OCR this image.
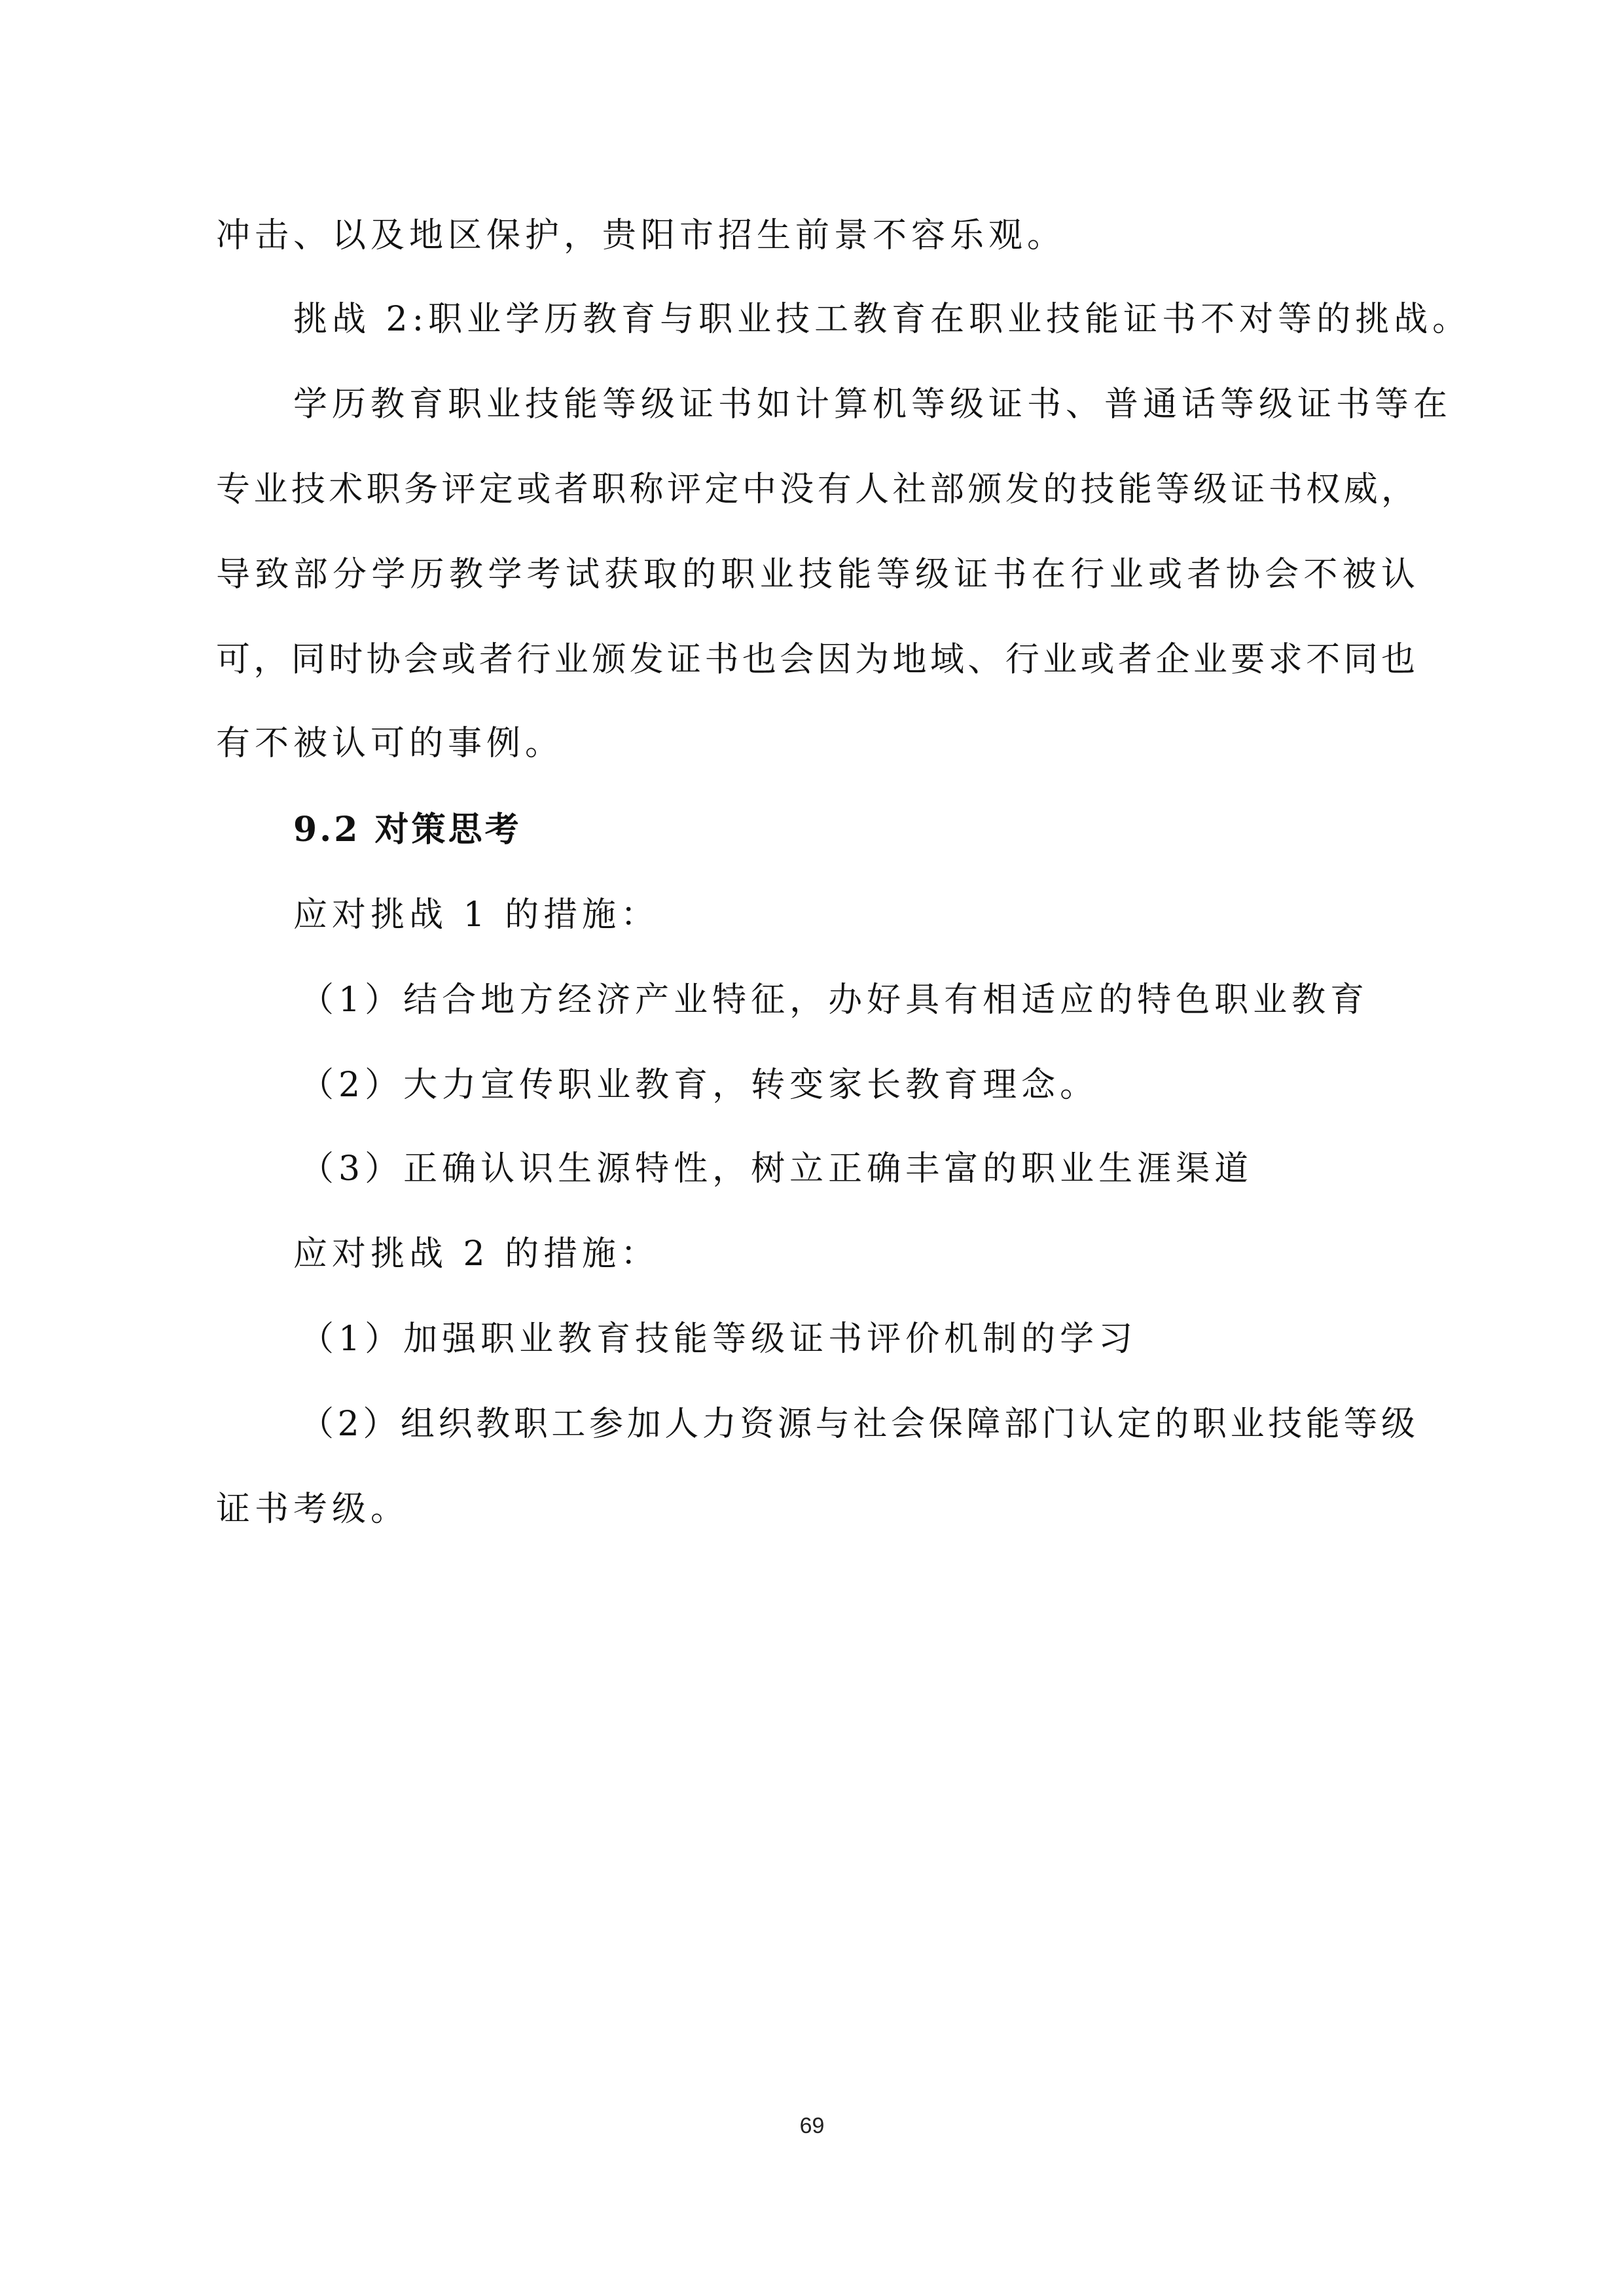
冲击、以及地区保护，贵阳市招生前景不容乐观。
挑战 2:职业学历教育与职业技工教育在职业技能证书不对等的挑战。
学历教育职业技能等级证书如计算机等级证书、普通话等级证书等在
专业技术职务评定或者职称评定中没有人社部颁发的技能等级证书权威，
导致部分学历教学考试获取的职业技能等级证书在行业或者协会不被认
可，同时协会或者行业颁发证书也会因为地域、行业或者企业要求不同也
有不被认可的事例。
9.2 对策思考
应对挑战 1 的措施：
（1）结合地方经济产业特征，办好具有相适应的特色职业教育
（2）大力宣传职业教育，转变家长教育理念。
（3）正确认识生源特性，树立正确丰富的职业生涯渠道
应对挑战 2 的措施：
（1）加强职业教育技能等级证书评价机制的学习
（2）组织教职工参加人力资源与社会保障部门认定的职业技能等级
证书考级。
69
